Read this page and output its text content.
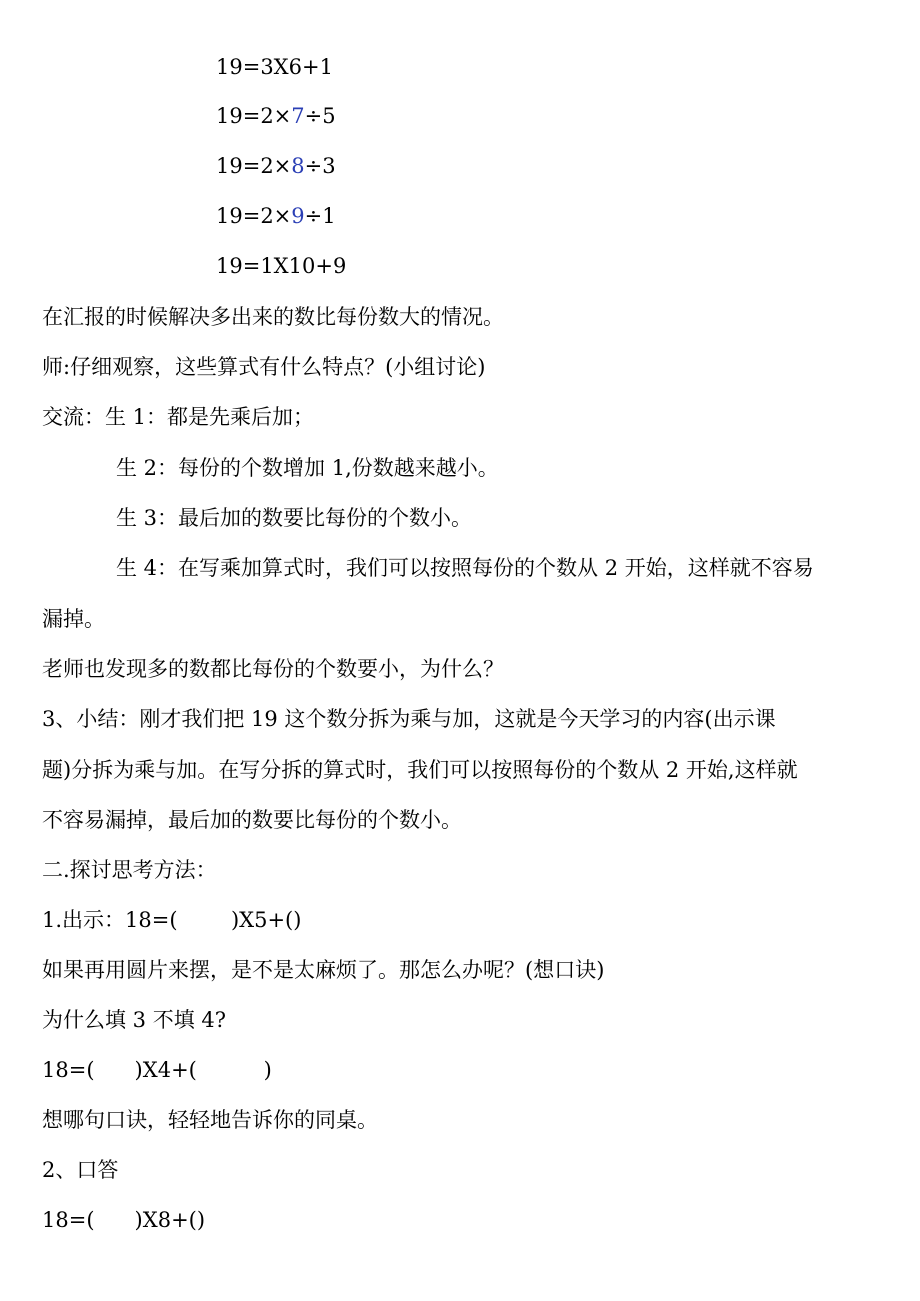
19=3X6+1

19=2×7÷5

19=2×8÷3

19=2×9÷1

19=1X10+9

在汇报的时候解决多出来的数比每份数大的情况。

师:仔细观察，这些算式有什么特点？(小组讨论)

交流：生 1：都是先乘后加；

生 2：每份的个数增加 1,份数越来越小。

生 3：最后加的数要比每份的个数小。

生 4：在写乘加算式时，我们可以按照每份的个数从 2 开始，这样就不容易

漏掉。

老师也发现多的数都比每份的个数要小，为什么？

3、小结：刚才我们把 19 这个数分拆为乘与加，这就是今天学习的内容(出示课

题)分拆为乘与加。在写分拆的算式时，我们可以按照每份的个数从 2 开始,这样就

不容易漏掉，最后加的数要比每份的个数小。

二.探讨思考方法：

1.出示：18=(        )X5+()

如果再用圆片来摆，是不是太麻烦了。那怎么办呢？(想口诀)

为什么填 3 不填 4?

18=(      )X4+(          )

想哪句口诀，轻轻地告诉你的同桌。

2、口答

18=(      )X8+()
